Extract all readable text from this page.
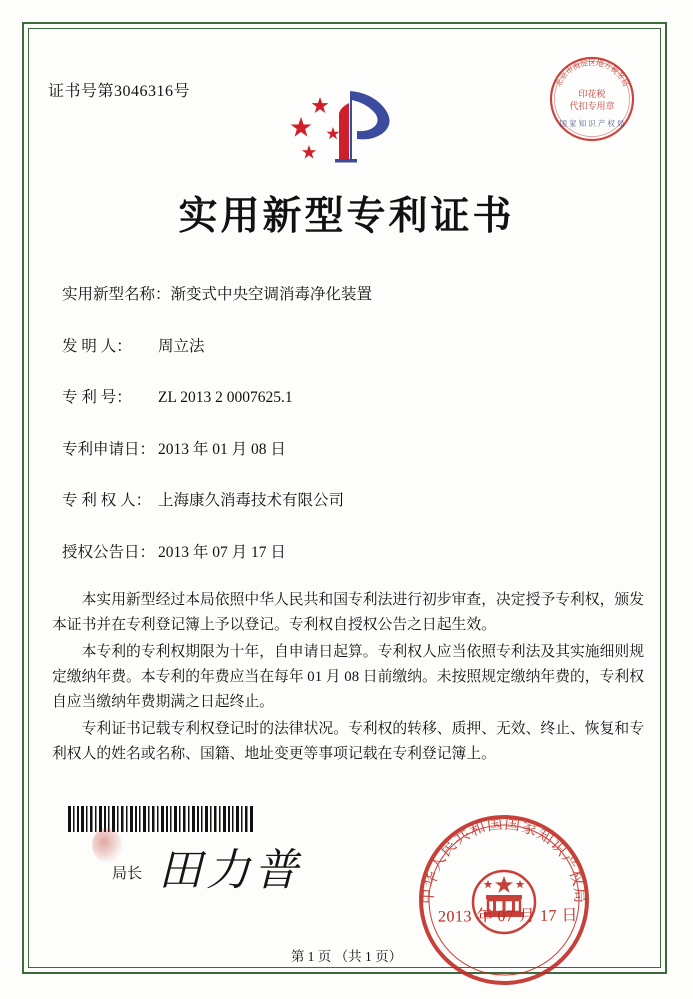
证书号第3046316号
北京市海淀区地方税务局
印花税
代扣专用章
国 家 知 识 产 权 局
实用新型专利证书
实用新型名称：渐变式中央空调消毒净化装置
发 明 人： 周立法
专 利 号： ZL 2013 2 0007625.1
专利申请日： 2013 年 01 月 08 日
专 利 权 人： 上海康久消毒技术有限公司
授权公告日： 2013 年 07 月 17 日

本实用新型经过本局依照中华人民共和国专利法进行初步审查，决定授予专利权，颁发本证书并在专利登记簿上予以登记。专利权自授权公告之日起生效。

本专利的专利权期限为十年，自申请日起算。专利权人应当依照专利法及其实施细则规定缴纳年费。本专利的年费应当在每年 01 月 08 日前缴纳。未按照规定缴纳年费的，专利权自应当缴纳年费期满之日起终止。

专利证书记载专利权登记时的法律状况。专利权的转移、质押、无效、终止、恢复和专利权人的姓名或名称、国籍、地址变更等事项记载在专利登记簿上。

局长 田力普
中华人民共和国国家知识产权局
2013 年 07 月 17 日
第 1 页 （共 1 页）
